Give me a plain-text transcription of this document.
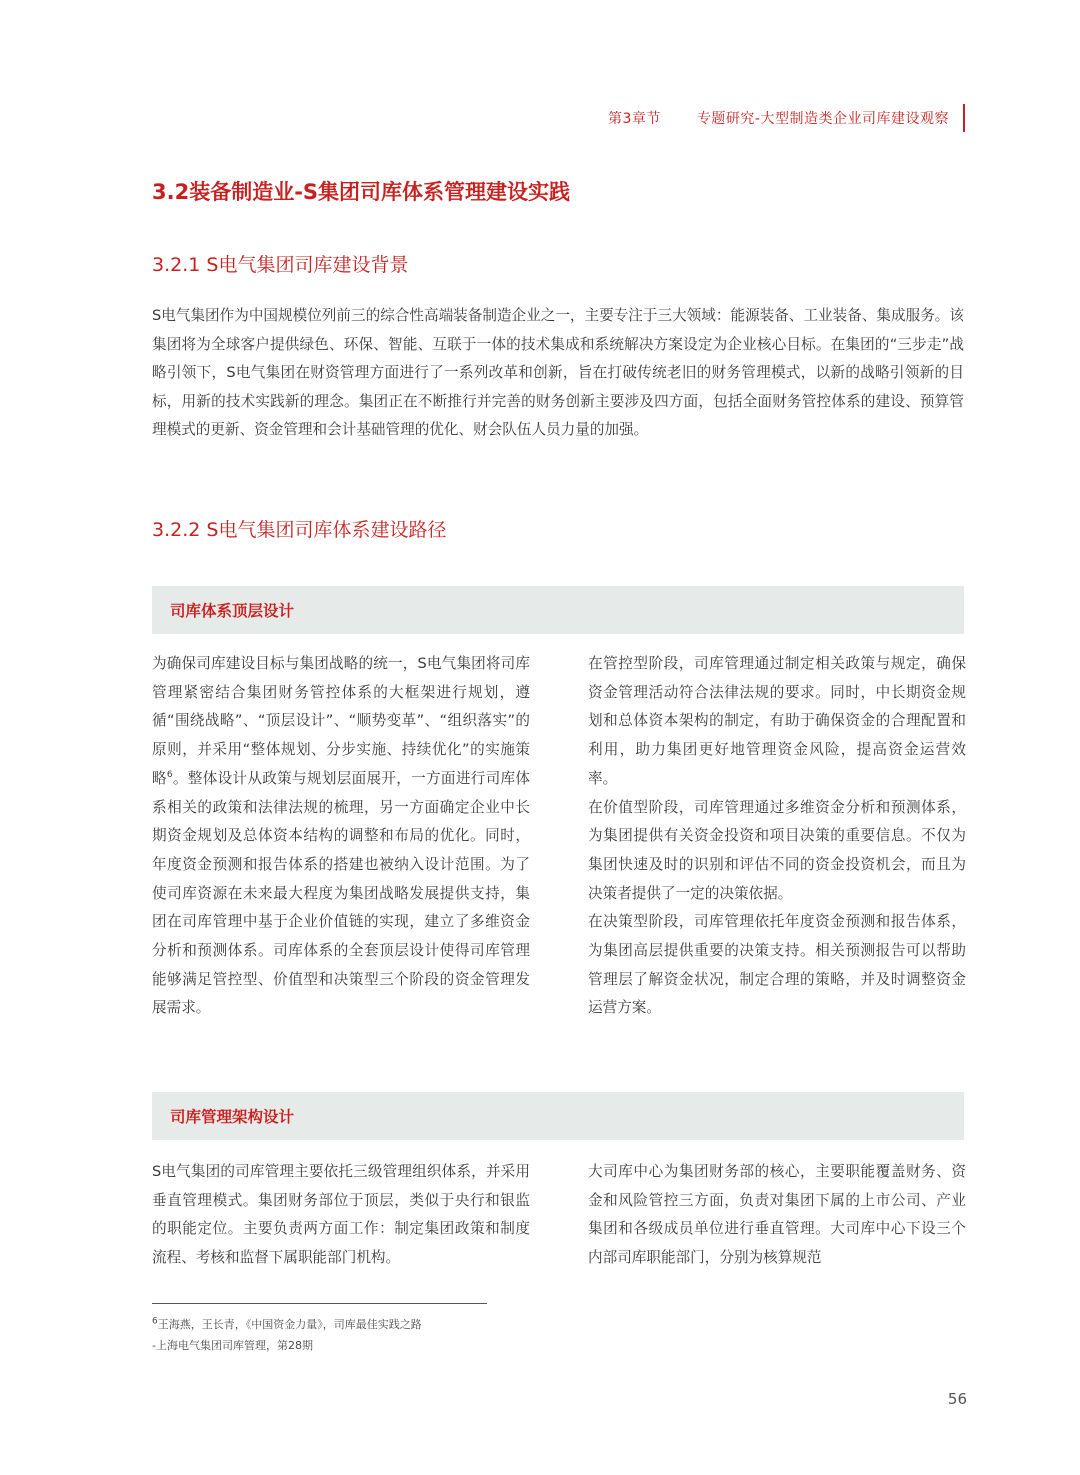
第3章节	专题研究-大型制造类企业司库建设观察
3.2装备制造业-S集团司库体系管理建设实践
3.2.1 S电气集团司库建设背景

S电气集团作为中国规模位列前三的综合性高端装备制造企业之一，主要专注于三大领域：能源装备、工业装备、集成服务。该集团将为全球客户提供绿色、环保、智能、互联于一体的技术集成和系统解决方案设定为企业核心目标。在集团的“三步走”战略引领下，S电气集团在财资管理方面进行了一系列改革和创新，旨在打破传统老旧的财务管理模式，以新的战略引领新的目标，用新的技术实践新的理念。集团正在不断推行并完善的财务创新主要涉及四方面，包括全面财务管控体系的建设、预算管理模式的更新、资金管理和会计基础管理的优化、财会队伍人员力量的加强。

3.2.2 S电气集团司库体系建设路径
司库体系顶层设计

为确保司库建设目标与集团战略的统一，S电气集团将司库管理紧密结合集团财务管控体系的大框架进行规划，遵循“围绕战略”、“顶层设计”、“顺势变革”、“组织落实”的原则，并采用“整体规划、分步实施、持续优化”的实施策略$^6$。整体设计从政策与规划层面展开，一方面进行司库体系相关的政策和法律法规的梳理，另一方面确定企业中长期资金规划及总体资本结构的调整和布局的优化。同时，年度资金预测和报告体系的搭建也被纳入设计范围。为了使司库资源在未来最大程度为集团战略发展提供支持，集团在司库管理中基于企业价值链的实现，建立了多维资金分析和预测体系。司库体系的全套顶层设计使得司库管理能够满足管控型、价值型和决策型三个阶段的资金管理发展需求。

在管控型阶段，司库管理通过制定相关政策与规定，确保资金管理活动符合法律法规的要求。同时，中长期资金规划和总体资本架构的制定，有助于确保资金的合理配置和利用，助力集团更好地管理资金风险，提高资金运营效率。

在价值型阶段，司库管理通过多维资金分析和预测体系，为集团提供有关资金投资和项目决策的重要信息。不仅为集团快速及时的识别和评估不同的资金投资机会，而且为决策者提供了一定的决策依据。

在决策型阶段，司库管理依托年度资金预测和报告体系，为集团高层提供重要的决策支持。相关预测报告可以帮助管理层了解资金状况，制定合理的策略，并及时调整资金运营方案。

司库管理架构设计

S电气集团的司库管理主要依托三级管理组织体系，并采用垂直管理模式。集团财务部位于顶层，类似于央行和银监的职能定位。主要负责两方面工作：制定集团政策和制度流程、考核和监督下属职能部门机构。

大司库中心为集团财务部的核心，主要职能覆盖财务、资金和风险管控三方面，负责对集团下属的上市公司、产业集团和各级成员单位进行垂直管理。大司库中心下设三个内部司库职能部门，分别为核算规范

$^6$王海燕，王长青，《中国资金力量》，司库最佳实践之路
-上海电气集团司库管理，第28期
56
